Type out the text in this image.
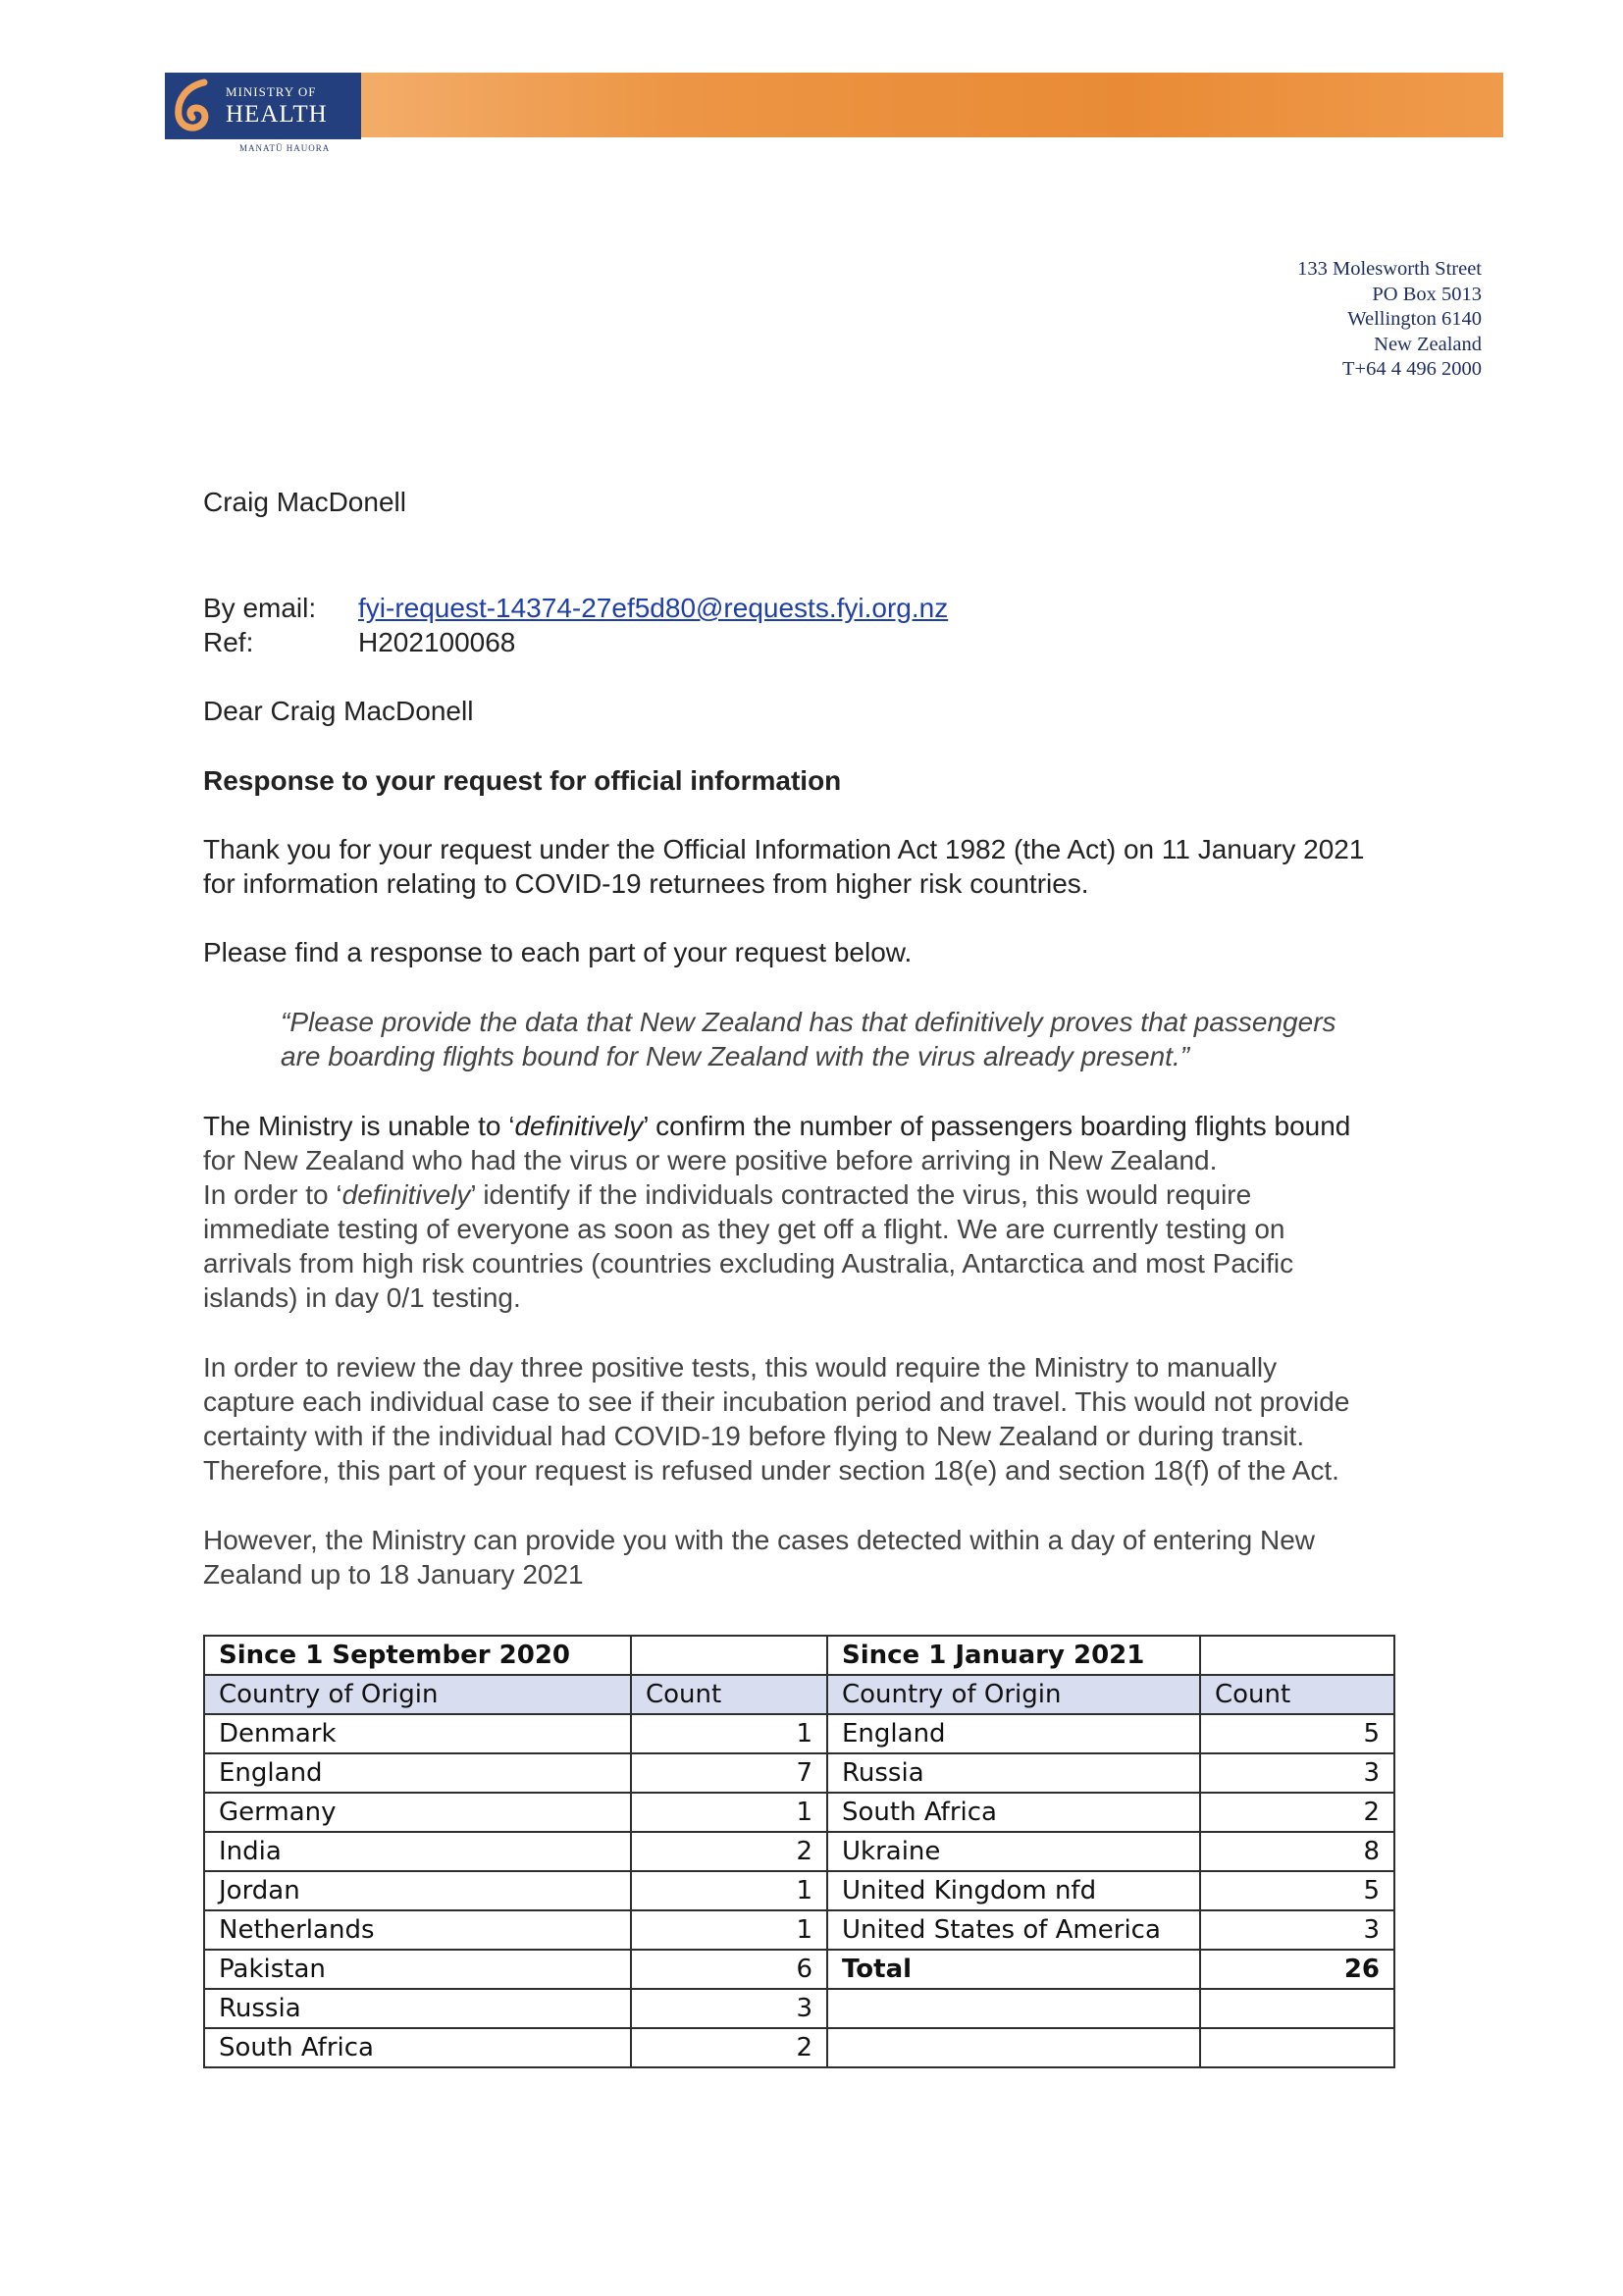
MINISTRY OF
HEALTH
MANATŪ HAUORA
133 Molesworth Street
PO Box 5013
Wellington 6140
New Zealand
T+64 4 496 2000
Craig MacDonell
By email: fyi-request-14374-27ef5d80@requests.fyi.org.nz
Ref:	H202100068
Dear Craig MacDonell
Response to your request for official information
Thank you for your request under the Official Information Act 1982 (the Act) on 11 January 2021
for information relating to COVID-19 returnees from higher risk countries.
Please find a response to each part of your request below.
“Please provide the data that New Zealand has that definitively proves that passengers
are boarding flights bound for New Zealand with the virus already present.”
The Ministry is unable to ‘definitively’ confirm the number of passengers boarding flights bound
for New Zealand who had the virus or were positive before arriving in New Zealand.
In order to ‘definitively’ identify if the individuals contracted the virus, this would require
immediate testing of everyone as soon as they get off a flight. We are currently testing on
arrivals from high risk countries (countries excluding Australia, Antarctica and most Pacific
islands) in day 0/1 testing.
In order to review the day three positive tests, this would require the Ministry to manually
capture each individual case to see if their incubation period and travel. This would not provide
certainty with if the individual had COVID-19 before flying to New Zealand or during transit.
Therefore, this part of your request is refused under section 18(e) and section 18(f) of the Act.
However, the Ministry can provide you with the cases detected within a day of entering New
Zealand up to 18 January 2021
Since 1 September 2020		Since 1 January 2021	
Country of Origin	Count	Country of Origin	Count
Denmark	1	England	5
England	7	Russia	3
Germany	1	South Africa	2
India	2	Ukraine	8
Jordan	1	United Kingdom nfd	5
Netherlands	1	United States of America	3
Pakistan	6	Total	26
Russia	3		
South Africa	2		
